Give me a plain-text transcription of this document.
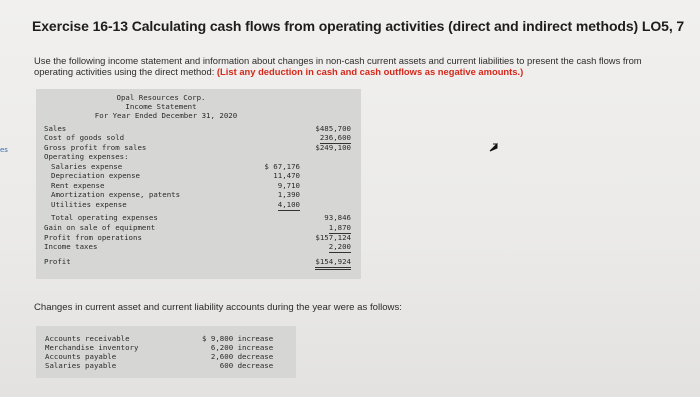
es
Exercise 16-13 Calculating cash flows from operating activities (direct and indirect methods) LO5, 7
Use the following income statement and information about changes in non-cash current assets and current liabilities to present the cash flows from operating activities using the direct method: (List any deduction in cash and cash outflows as negative amounts.)
Opal Resources Corp.
Income Statement
For Year Ended December 31, 2020
Sales	$485,700
Cost of goods sold	236,600
Gross profit from sales	$249,100
Operating expenses:
Salaries expense	$ 67,176
Depreciation expense	11,470
Rent expense	9,710
Amortization expense, patents	1,390
Utilities expense	4,100
Total operating expenses	93,846
Gain on sale of equipment	1,870
Profit from operations	$157,124
Income taxes	2,200
Profit	$154,924
Changes in current asset and current liability accounts during the year were as follows:
Accounts receivable	$ 9,800 increase
Merchandise inventory	6,200 increase
Accounts payable	2,600 decrease
Salaries payable	600 decrease
